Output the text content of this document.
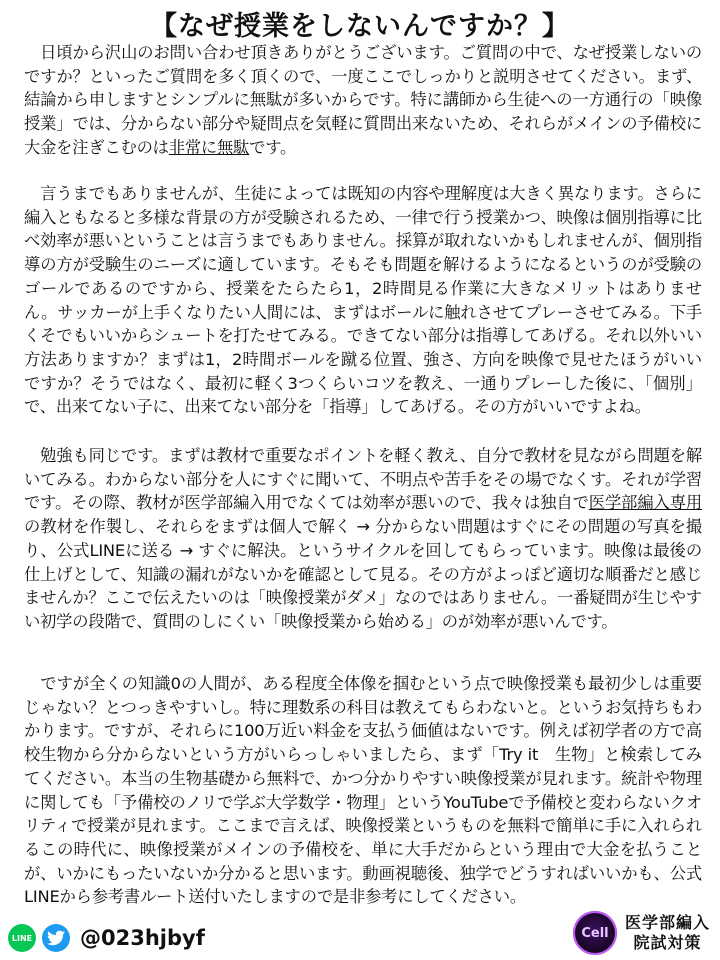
【なぜ授業をしないんですか？】
　日頃から沢山のお問い合わせ頂きありがとうございます。ご質問の中で、なぜ授業しないのですか？といったご質問を多く頂くので、一度ここでしっかりと説明させてください。まず、結論から申しますとシンプルに無駄が多いからです。特に講師から生徒への一方通行の「映像授業」では、分からない部分や疑問点を気軽に質問出来ないため、それらがメインの予備校に大金を注ぎこむのは非常に無駄です。
　言うまでもありませんが、生徒によっては既知の内容や理解度は大きく異なります。さらに編入ともなると多様な背景の方が受験されるため、一律で行う授業かつ、映像は個別指導に比べ効率が悪いということは言うまでもありません。採算が取れないかもしれませんが、個別指導の方が受験生のニーズに適しています。そもそも問題を解けるようになるというのが受験のゴールであるのですから、授業をたらたら1，2時間見る作業に大きなメリットはありません。サッカーが上手くなりたい人間には、まずはボールに触れさせてプレーさせてみる。下手くそでもいいからシュートを打たせてみる。できてない部分は指導してあげる。それ以外いい方法ありますか？まずは1，2時間ボールを蹴る位置、強さ、方向を映像で見せたほうがいいですか？そうではなく、最初に軽く3つくらいコツを教え、一通りプレーした後に、「個別」で、出来てない子に、出来てない部分を「指導」してあげる。その方がいいですよね。
　勉強も同じです。まずは教材で重要なポイントを軽く教え、自分で教材を見ながら問題を解いてみる。わからない部分を人にすぐに聞いて、不明点や苦手をその場でなくす。それが学習です。その際、教材が医学部編入用でなくては効率が悪いので、我々は独自で医学部編入専用の教材を作製し、それらをまずは個人で解く → 分からない問題はすぐにその問題の写真を撮り、公式LINEに送る → すぐに解決。というサイクルを回してもらっています。映像は最後の仕上げとして、知識の漏れがないかを確認として見る。その方がよっぽど適切な順番だと感じませんか？ここで伝えたいのは「映像授業がダメ」なのではありません。一番疑問が生じやすい初学の段階で、質問のしにくい「映像授業から始める」のが効率が悪いんです。
　ですが全くの知識0の人間が、ある程度全体像を掴むという点で映像授業も最初少しは重要じゃない？とつっきやすいし。特に理数系の科目は教えてもらわないと。というお気持ちもわかります。ですが、それらに100万近い料金を支払う価値はないです。例えば初学者の方で高校生物から分からないという方がいらっしゃいましたら、まず「Try it　生物」と検索してみてください。本当の生物基礎から無料で、かつ分かりやすい映像授業が見れます。統計や物理に関しても「予備校のノリで学ぶ大学数学・物理」というYouTubeで予備校と変わらないクオリティで授業が見れます。ここまで言えば、映像授業というものを無料で簡単に手に入れられるこの時代に、映像授業がメインの予備校を、単に大手だからという理由で大金を払うことが、いかにもったいないか分かると思います。動画視聴後、独学でどうすればいいかも、公式LINEから参考書ルート送付いたしますので是非参考にしてください。
LINE @023hjbyf	Cell
医学部編入
院試対策
